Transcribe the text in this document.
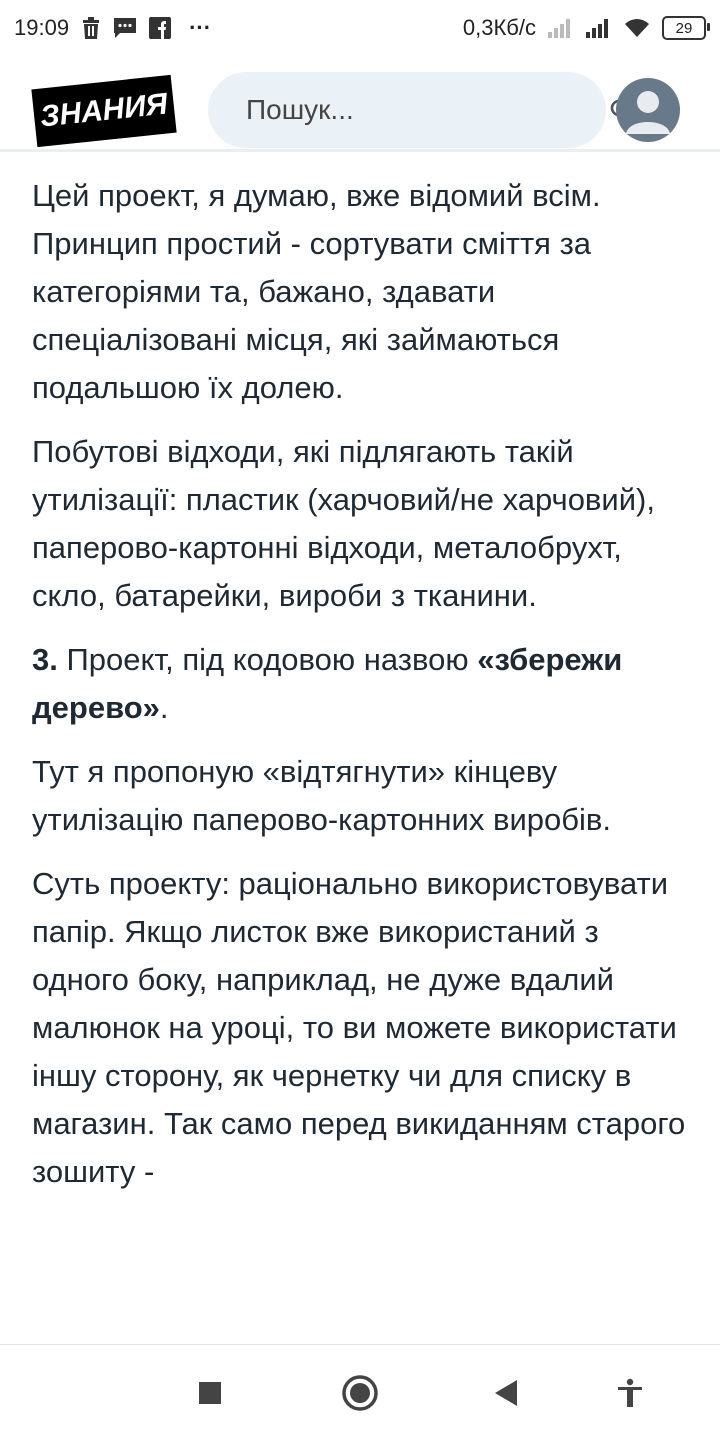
19:09	···	0,3Кб/с	29
ЗНАНИЯ
Пошук...

Цей проект, я думаю, вже відомий всім. Принцип простий - сортувати сміття за категоріями та, бажано, здавати спеціалізовані місця, які займаються подальшою їх долею.

Побутові відходи, які підлягають такій утилізації: пластик (харчовий/не харчовий), паперово-картонні відходи, металобрухт, скло, батарейки, вироби з тканини.

3. Проект, під кодовою назвою «збережи дерево».

Тут я пропоную «відтягнути» кінцеву утилізацію паперово-картонних виробів.

Суть проекту: раціонально використовувати папір. Якщо листок вже використаний з одного боку, наприклад, не дуже вдалий малюнок на уроці, то ви можете використати іншу сторону, як чернетку чи для списку в магазин. Так само перед викиданням старого зошиту -
